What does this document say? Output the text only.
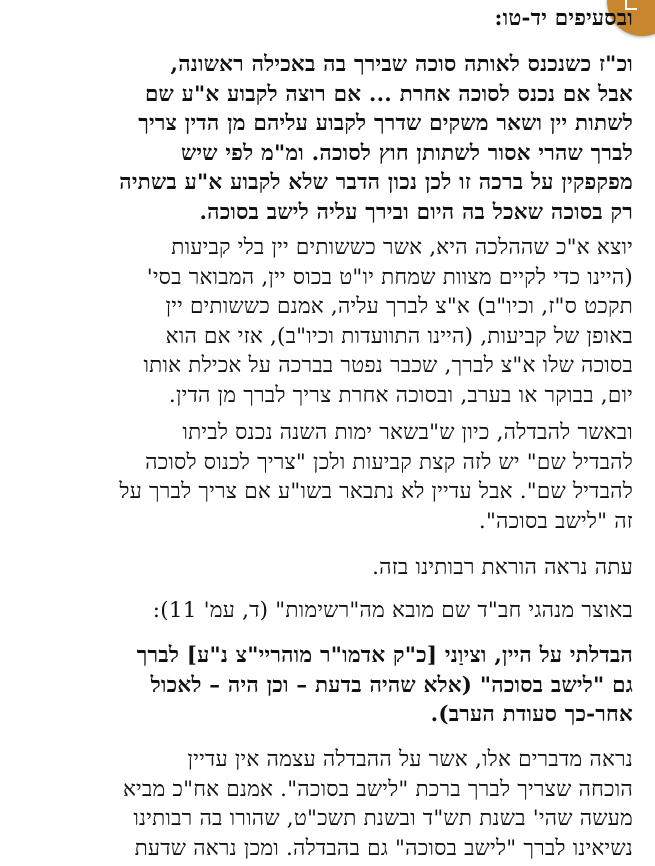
ובסעיפים יד-טו:

וכ"ז כשנכנס לאותה סוכה שבירך בה באכילה ראשונה,
אבל אם נכנס לסוכה אחרת ... אם רוצה לקבוע א"ע שם
לשתות יין ושאר משקים שדרך לקבוע עליהם מן הדין צריך
לברך שהרי אסור לשתותן חוץ לסוכה. ומ"מ לפי שיש
מפקפקין על ברכה זו לכן נכון הדבר שלא לקבוע א"ע בשתיה
רק בסוכה שאכל בה היום ובירך עליה לישב בסוכה.

יוצא א"כ שההלכה היא, אשר כששותים יין בלי קביעות
(היינו כדי לקיים מצוות שמחת יו"ט בכוס יין, המבואר בסי'
תקכט ס"ז, וכיו"ב) א"צ לברך עליה, אמנם כששותים יין
באופן של קביעות, (היינו התוועדות וכיו"ב), אזי אם הוא
בסוכה שלו א"צ לברך, שכבר נפטר בברכה על אכילת אותו
יום, בבוקר או בערב, ובסוכה אחרת צריך לברך מן הדין.

ובאשר להבדלה, כיון ש"בשאר ימות השנה נכנס לביתו
להבדיל שם" יש לזה קצת קביעות ולכן "צריך לכנוס לסוכה
להבדיל שם". אבל עדיין לא נתבאר בשו"ע אם צריך לברך על
זה "לישב בסוכה".

עתה נראה הוראת רבותינו בזה.

באוצר מנהגי חב"ד שם מובא מה"רשימות" (ד, עמ' 11):

הבדלתי על היין, וציוַני [כ"ק אדמו"ר מוהריי"צ נ"ע] לברך
גם "לישב בסוכה" (אלא שהיה בדעת – וכן היה – לאכול
אחר-כך סעודת הערב).

נראה מדברים אלו, אשר על ההבדלה עצמה אין עדיין
הוכחה שצריך לברך ברכת "לישב בסוכה". אמנם אח"כ מביא
מעשה שהי' בשנת תש"ד ובשנת תשכ"ט, שהורו בה רבותינו
נשיאינו לברך "לישב בסוכה" גם בהבדלה. ומכן נראה שדעת
